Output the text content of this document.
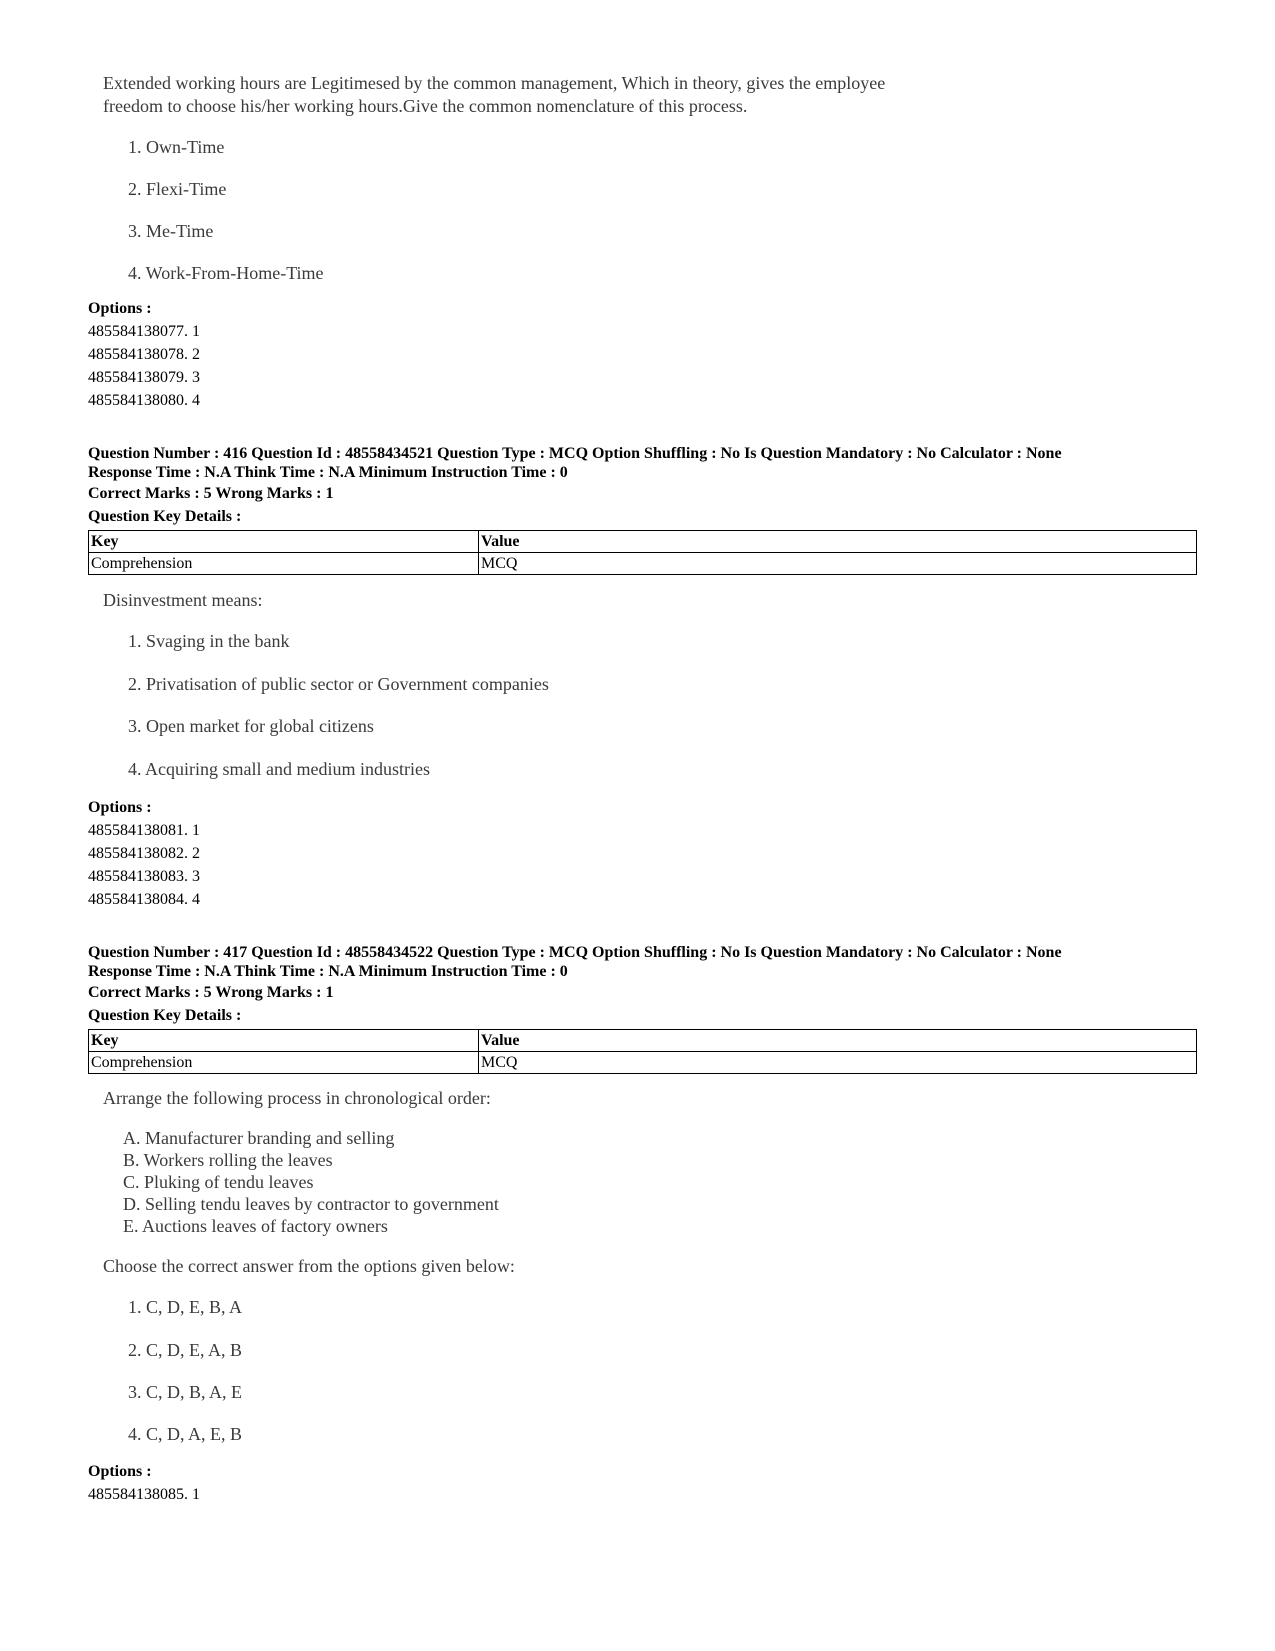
Extended working hours are Legitimesed by the common management, Which in theory, gives the employee
freedom to choose his/her working hours.Give the common nomenclature of this process.
1. Own-Time
2. Flexi-Time
3. Me-Time
4. Work-From-Home-Time
Options :
485584138077. 1
485584138078. 2
485584138079. 3
485584138080. 4
Question Number : 416 Question Id : 48558434521 Question Type : MCQ Option Shuffling : No Is Question Mandatory : No Calculator : None
Response Time : N.A Think Time : N.A Minimum Instruction Time : 0
Correct Marks : 5 Wrong Marks : 1
Question Key Details :
Key	Value
Comprehension	MCQ
Disinvestment means:
1. Svaging in the bank
2. Privatisation of public sector or Government companies
3. Open market for global citizens
4. Acquiring small and medium industries
Options :
485584138081. 1
485584138082. 2
485584138083. 3
485584138084. 4
Question Number : 417 Question Id : 48558434522 Question Type : MCQ Option Shuffling : No Is Question Mandatory : No Calculator : None
Response Time : N.A Think Time : N.A Minimum Instruction Time : 0
Correct Marks : 5 Wrong Marks : 1
Question Key Details :
Key	Value
Comprehension	MCQ
Arrange the following process in chronological order:
A. Manufacturer branding and selling
B. Workers rolling the leaves
C. Pluking of tendu leaves
D. Selling tendu leaves by contractor to government
E. Auctions leaves of factory owners
Choose the correct answer from the options given below:
1. C, D, E, B, A
2. C, D, E, A, B
3. C, D, B, A, E
4. C, D, A, E, B
Options :
485584138085. 1
